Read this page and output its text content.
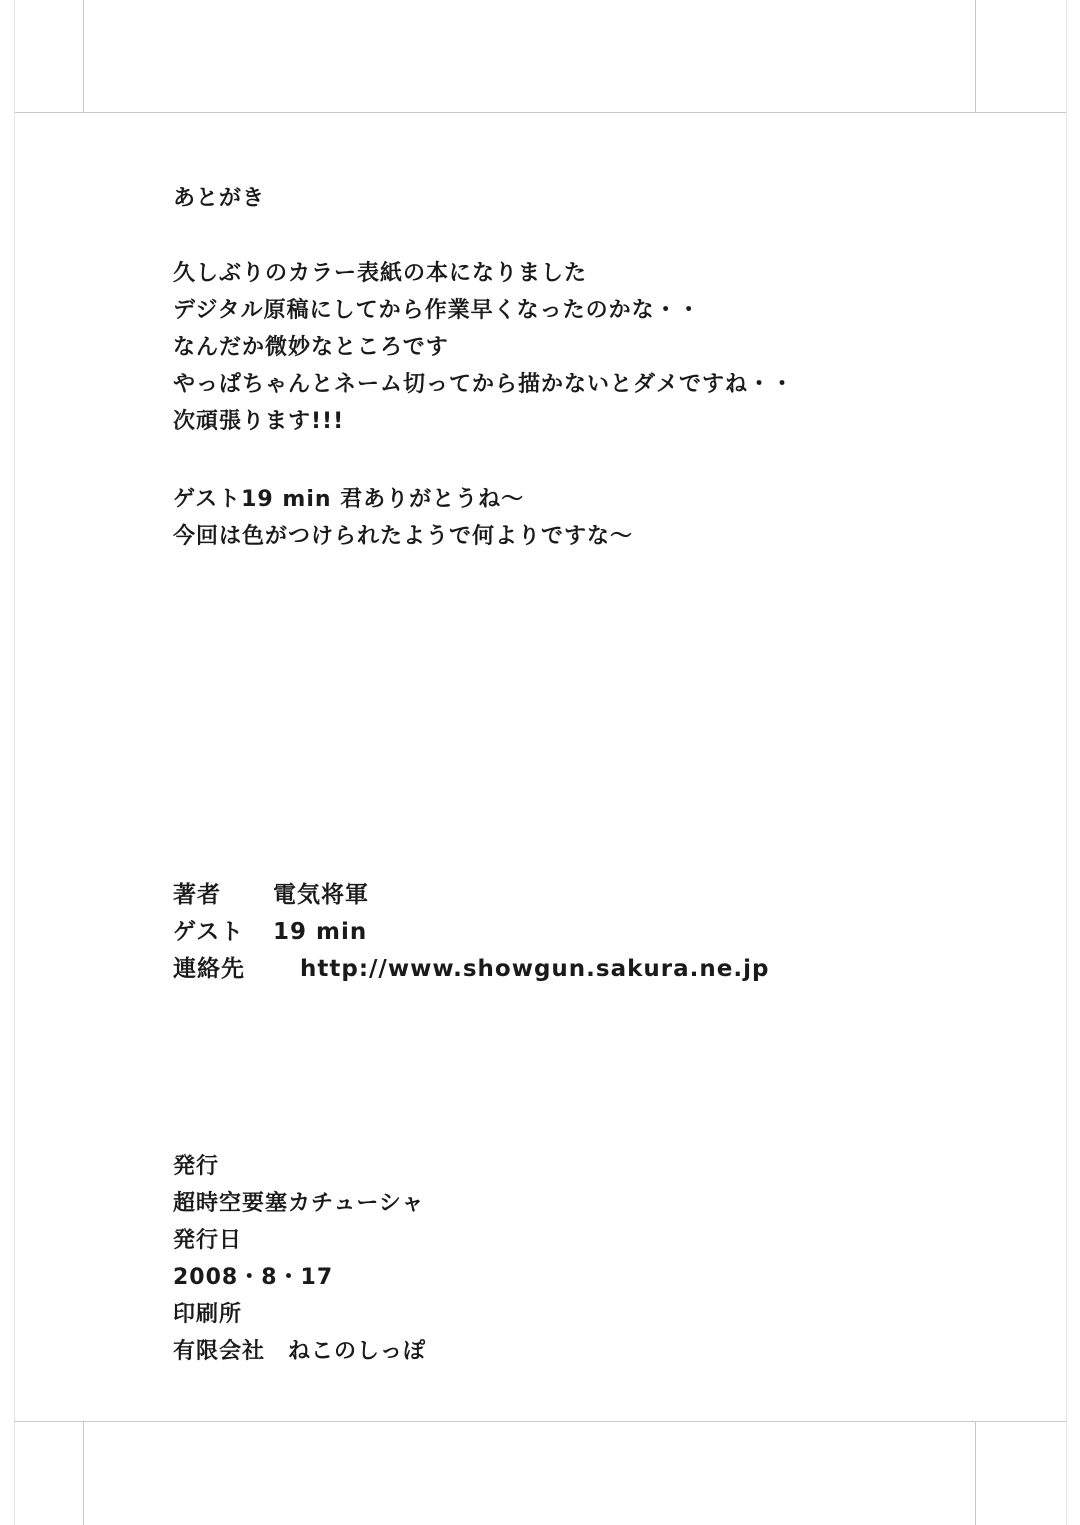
あとがき
久しぶりのカラー表紙の本になりました
デジタル原稿にしてから作業早くなったのかな・・
なんだか微妙なところです
やっぱちゃんとネーム切ってから描かないとダメですね・・
次頑張ります!!!
ゲスト19 min 君ありがとうね～
今回は色がつけられたようで何よりですな～
著者 電気将軍
ゲスト 19 min
連絡先 http://www.showgun.sakura.ne.jp
発行
超時空要塞カチューシャ
発行日
2008・8・17
印刷所
有限会社　ねこのしっぽ
